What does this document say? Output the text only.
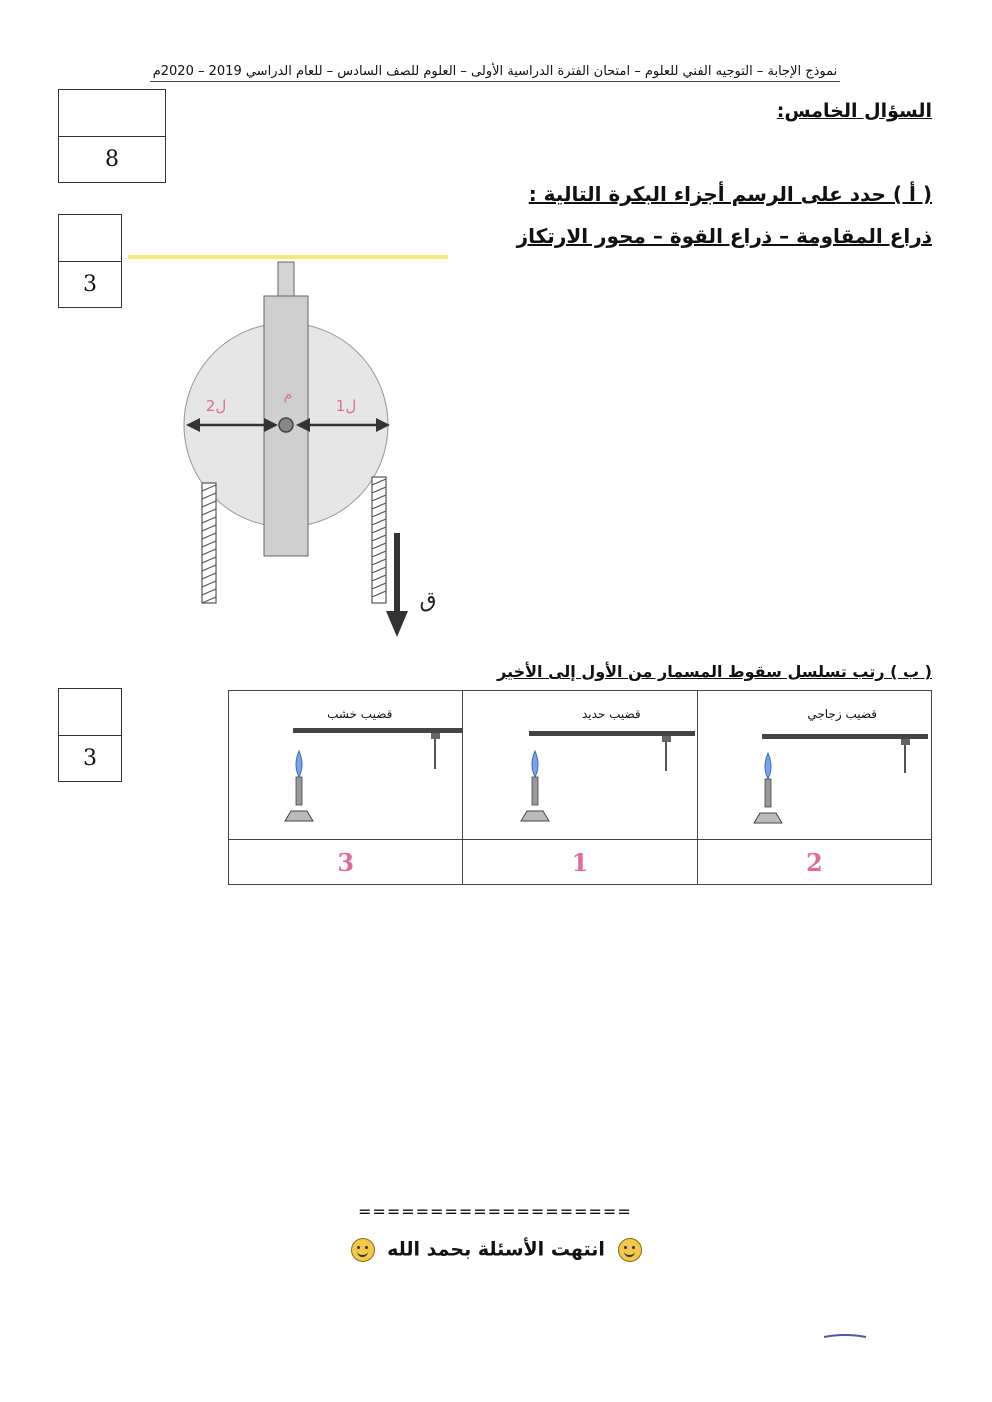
نموذج الإجابة – التوجيه الفني للعلوم – امتحان الفترة الدراسية الأولى – العلوم للصف السادس – للعام الدراسي 2019 – 2020م
السؤال الخامس:
8
( أ ) حدد على الرسم أجزاء البكرة التالية :
ذراع المقاومة – ذراع القوة – محور الارتكاز
3
ل2
م
ل1
ق
( ب ) رتب تسلسل سقوط المسمار من الأول إلى الأخير
3
قضيب زجاجي	قضيب حديد	قضيب خشب

2	1	3
===================
انتهت الأسئلة بحمد الله
